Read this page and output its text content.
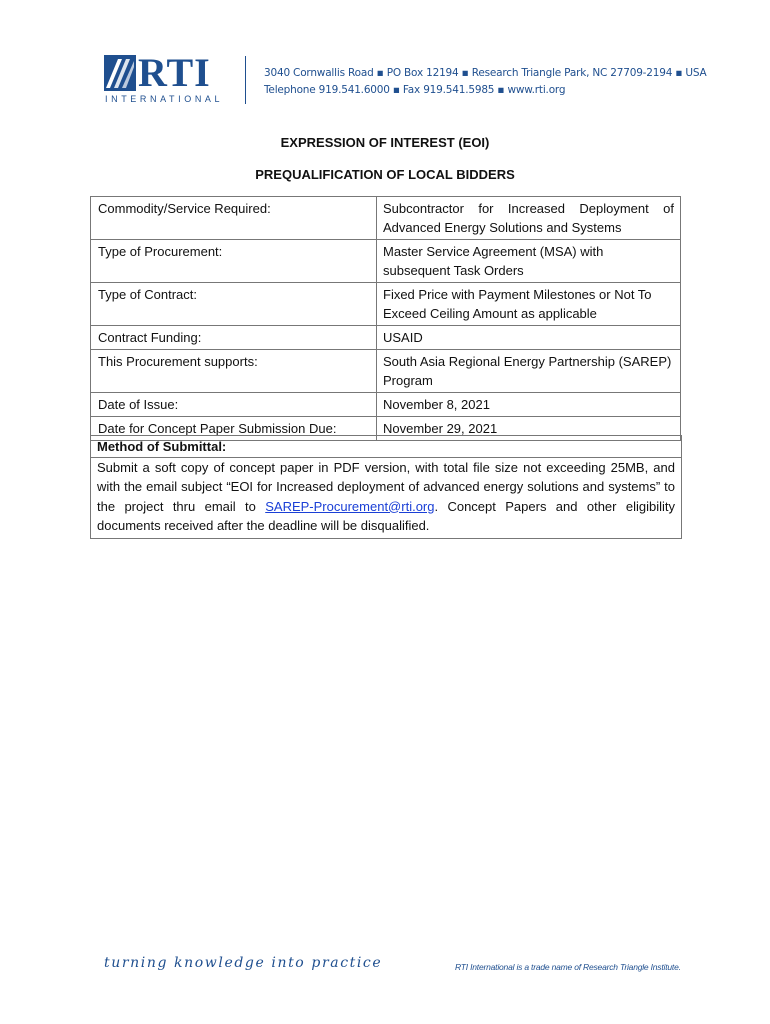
RTI
INTERNATIONAL
3040 Cornwallis Road ▪ PO Box 12194 ▪ Research Triangle Park, NC 27709-2194 ▪ USA
Telephone 919.541.6000 ▪ Fax 919.541.5985 ▪ www.rti.org
EXPRESSION OF INTEREST (EOI)
PREQUALIFICATION OF LOCAL BIDDERS
Commodity/Service Required:	Subcontractor for Increased Deployment of Advanced Energy Solutions and Systems
Type of Procurement:	Master Service Agreement (MSA) with subsequent Task Orders
Type of Contract:	Fixed Price with Payment Milestones or Not To Exceed Ceiling Amount as applicable
Contract Funding:	USAID
This Procurement supports:	South Asia Regional Energy Partnership (SAREP) Program
Date of Issue:	November 8, 2021
Date for Concept Paper Submission Due:	November 29, 2021
Method of Submittal:
Submit a soft copy of concept paper in PDF version, with total file size not exceeding 25MB, and with the email subject “EOI for Increased deployment of advanced energy solutions and systems” to the project thru email to SAREP-Procurement@rti.org. Concept Papers and other eligibility documents received after the deadline will be disqualified.
turning knowledge into practice	RTI International is a trade name of Research Triangle Institute.
